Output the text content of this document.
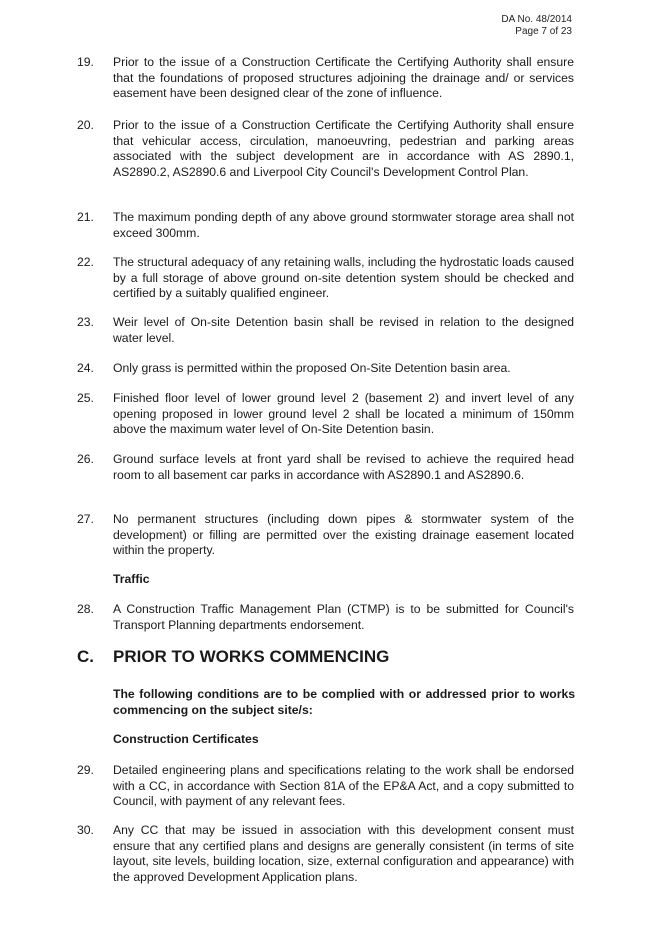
DA No. 48/2014
Page 7 of 23
19.	Prior to the issue of a Construction Certificate the Certifying Authority shall ensure that the foundations of proposed structures adjoining the drainage and/ or services easement have been designed clear of the zone of influence.
20.	Prior to the issue of a Construction Certificate the Certifying Authority shall ensure that vehicular access, circulation, manoeuvring, pedestrian and parking areas associated with the subject development are in accordance with AS 2890.1, AS2890.2, AS2890.6 and Liverpool City Council's Development Control Plan.
21.	The maximum ponding depth of any above ground stormwater storage area shall not exceed 300mm.
22.	The structural adequacy of any retaining walls, including the hydrostatic loads caused by a full storage of above ground on-site detention system should be checked and certified by a suitably qualified engineer.
23.	Weir level of On-site Detention basin shall be revised in relation to the designed water level.
24.	Only grass is permitted within the proposed On-Site Detention basin area.
25.	Finished floor level of lower ground level 2 (basement 2) and invert level of any opening proposed in lower ground level 2 shall be located a minimum of 150mm above the maximum water level of On-Site Detention basin.
26.	Ground surface levels at front yard shall be revised to achieve the required head room to all basement car parks in accordance with AS2890.1 and AS2890.6.
27.	No permanent structures (including down pipes & stormwater system of the development) or filling are permitted over the existing drainage easement located within the property.
Traffic
28.	A Construction Traffic Management Plan (CTMP) is to be submitted for Council's Transport Planning departments endorsement.
C. PRIOR TO WORKS COMMENCING
The following conditions are to be complied with or addressed prior to works commencing on the subject site/s:
Construction Certificates
29.	Detailed engineering plans and specifications relating to the work shall be endorsed with a CC, in accordance with Section 81A of the EP&A Act, and a copy submitted to Council, with payment of any relevant fees.
30.	Any CC that may be issued in association with this development consent must ensure that any certified plans and designs are generally consistent (in terms of site layout, site levels, building location, size, external configuration and appearance) with the approved Development Application plans.
